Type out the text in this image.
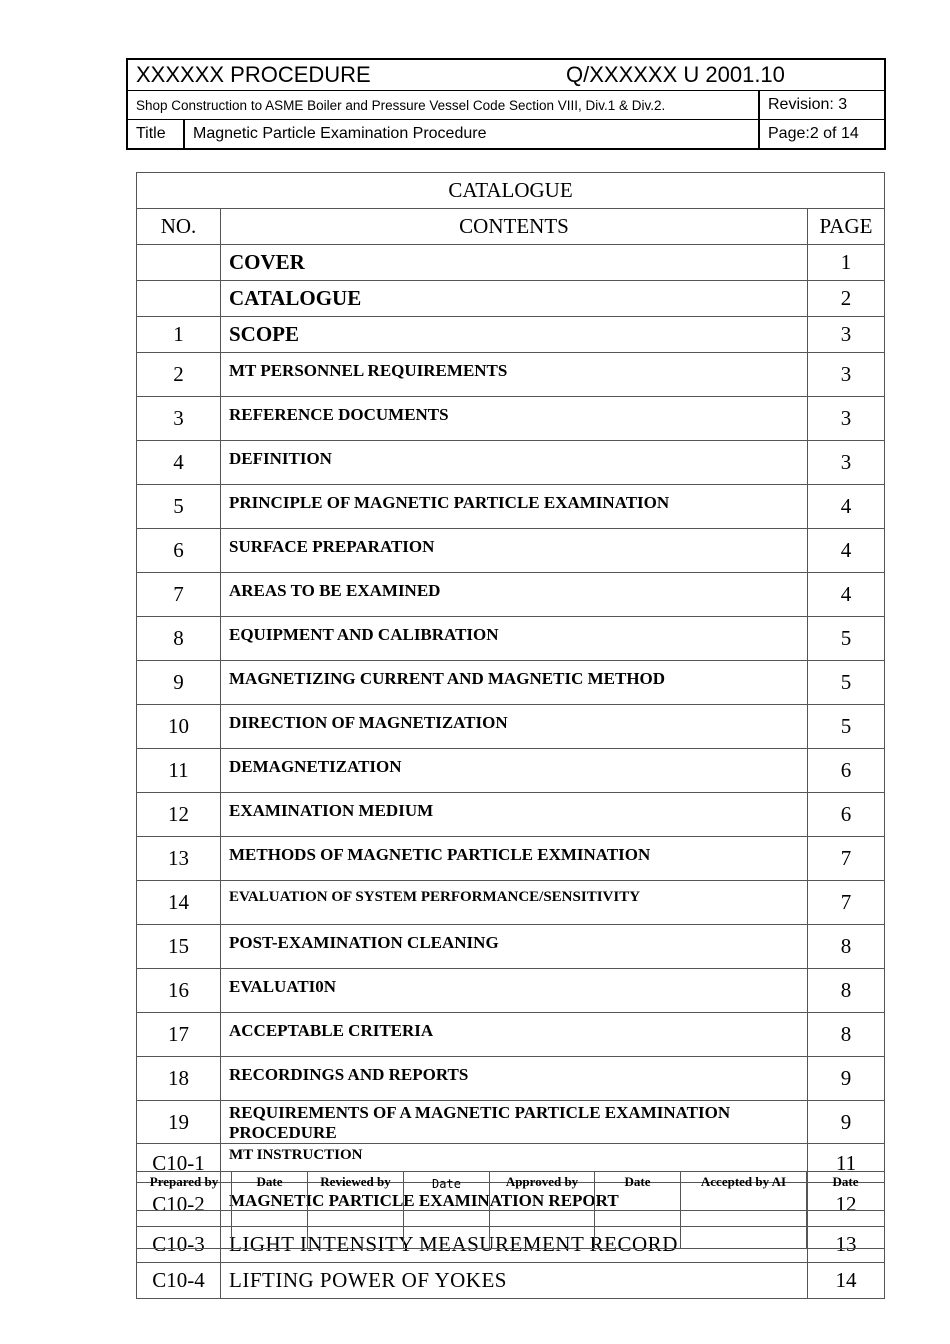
XXXXXX PROCEDURE Q/XXXXXX U 2001.10		
Shop Construction to ASME Boiler and Pressure Vessel Code Section VIII, Div.1 & Div.2.		Revision: 3
Title	Magnetic Particle Examination Procedure	Page:2 of 14
CATALOGUE		
NO.	CONTENTS	PAGE
	COVER	1
	CATALOGUE	2
1	SCOPE	3
2	MT PERSONNEL REQUIREMENTS	3
3	REFERENCE DOCUMENTS	3
4	DEFINITION	3
5	PRINCIPLE OF MAGNETIC PARTICLE EXAMINATION	4
6	SURFACE PREPARATION	4
7	AREAS TO BE EXAMINED	4
8	EQUIPMENT AND CALIBRATION	5
9	MAGNETIZING CURRENT AND MAGNETIC METHOD	5
10	DIRECTION OF MAGNETIZATION	5
11	DEMAGNETIZATION	6
12	EXAMINATION MEDIUM	6
13	METHODS OF MAGNETIC PARTICLE EXMINATION	7
14	EVALUATION OF SYSTEM PERFORMANCE/SENSITIVITY	7
15	POST-EXAMINATION CLEANING	8
16	EVALUATI0N	8
17	ACCEPTABLE CRITERIA	8
18	RECORDINGS AND REPORTS	9
19	REQUIREMENTS OF A MAGNETIC PARTICLE EXAMINATION PROCEDURE	9
C10-1	MT INSTRUCTION	11
C10-2	MAGNETIC PARTICLE EXAMINATION REPORT	12
C10-3	LIGHT INTENSITY MEASUREMENT RECORD	13
C10-4	LIFTING POWER OF YOKES	14
Prepared by	Date	Reviewed by	Date	Approved by	Date	Accepted by AI	Date
